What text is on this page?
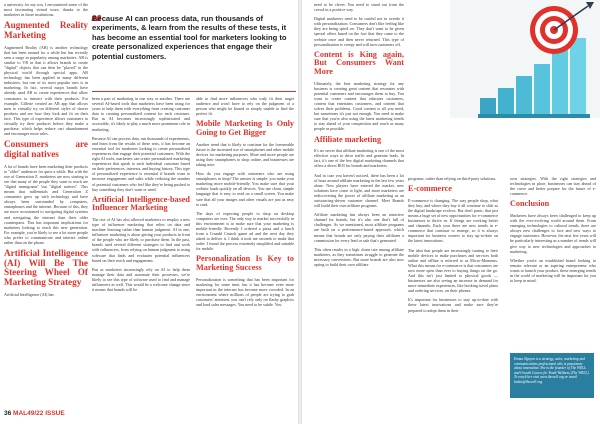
a university for my son, I encountered some of the most fascinating virtual tours, thanks to the marketers in those institutions.

Augmented Reality Marketing

Augmented Reality (AR) is another technology that has been around for a while but has recently seen a surge in popularity among marketers. AR is similar to VR in that it allows brands to create "digital" objects that can then be "placed" in the physical world through special apps. AR technology has been applied in many different industries, but one of its most popular uses is in marketing. In fact, several major brands have already used AR to create experiences that allow consumers to interact with their products. For example, Gillette created an AR app that allows men to virtually try on different styles of shaver products and see how they look and fit on their face. This type of experience allows customers to virtually try their products before they make a purchase, which helps reduce cart abandonment and encourages more sales.

Consumers are digital natives

A lot of brands have been marketing their products to "older" audiences for quite a while. But with the rise of Generation Z, marketers are now starting to see that many of the people they want to reach are "digital immigrants" but "digital natives". This means that millennials and Generation Z consumers grew up with technology and have always been surrounded by computers, smartphones and the internet. Because of this, they are more accustomed to navigating digital systems and navigating the internet than their older counterparts. This has important implications for marketers looking to reach this new generation. For example, you're likely to see a lot more people who prefer to communicate and interact online rather than on the phone.

Artificial Intelligence (AI) Will Be The Steering Wheel Of Marketing Strategy

Artificial Intelligence (AI) has

Because AI can process data, run thousands of experiments, & learn from the results of these tests, it has become an essential tool for marketers looking to create personalized experiences that engage their potential customers.

been a part of marketing in one way or another. There are several AI-based tools that marketers have been using for years to help them with everything from creating customer data to creating personalized content for each customer. But as AI becomes increasingly sophisticated and accessible, it's likely to play a much more prominent role in marketing.

Because AI can process data, run thousands of experiments, and learn from the results of these tests, it has become an essential tool for marketers looking to create personalized experiences that engage their potential customers. With the right AI tools, marketers can create personalized marketing experiences that speak to each individual customer based on their preferences, interests, and buying history. This type of personalized experience is essential if brands want to increase engagement and sales while reducing the number of potential customers who feel like they're being pushed to buy something they don't want or need.

Artificial Intelligence-based Influencer Marketing

The rise of AI has also allowed marketers to employ a new type of influencer marketing that relies on data and machine learning rather than human judgment. AI in one, influencer marketing is about getting your products in front of the people who are likely to purchase them. In the past, brands used several different strategies to find and work with influencers, from relying on human judgment to using software that finds and evaluates potential influencers based on their reach and engagement.

But as marketers increasingly rely on AI to help them manage their data and automate their processes, we're likely to see this type of software used to find and manage influencers as well. This would be a welcome change since it means that brands will be

able to find more influencers who truly fit their target audience and won't have to rely on the judgment of a person who might be biased or simply unable to find the perfect fit.

Mobile Marketing Is Only Going to Get Bigger

Another trend that is likely to continue for the foreseeable future is the increased use of smartphones and other mobile devices for marketing purposes. More and more people are using their smartphones to shop online, and businesses are taking note.

How do you engage with customers who are using smartphones to shop? The answer is simple: you make your marketing more mobile-friendly. You make sure that your website loads quickly on all devices. You use clean, simple language that is easy to read on a small screen. You make sure that all your images and other visuals are just as easy to read.

The days of expecting people to shop on desktop computers are over. The only way to market successfully in this environment is to make sure that your marketing is mobile-friendly. Recently I ordered a pizza and a lunch from a Crumbl Crunch game ad and the next day they asked to deliver it. I think it took me seconds to make that order. I found the process extremely simplified and suitable for mobile.

Personalization Is Key to Marketing Success

Personalization is something that has been important for marketing for some time, but it has become even more important in the internet has become more crowded. In an environment where millions of people are trying to grab customers' attention, you can't rely only on flashy graphics and loud sales messages. You need to be subtle. You

36 MAL49/22 ISSUE

need to be clever. You need to stand out from the crowd in a positive way.

Digital marketers need to be careful not to overdo it with personalization. Consumers don't like feeling like they are being spied on. They don't want to be given special offers based on the fact that they came to the website once and then never returned. This type of personalization is creepy and will turn customers off.

Content is King again, But Consumers Want More

Ultimately, the best marketing strategy for any business is creating great content that resonates with potential customers and encourages them to buy. You want to create content that educates customers, content that entertains customers, and content that solves their problems. Good content is all you need, but sometimes it's just not enough. You need to make sure that you're also using the latest marketing trends to stay ahead of your competition and reach as many people as possible.

Affiliate marketing

It's no secret that affiliate marketing is one of the most effective ways to drive traffic and generate leads. In fact, it's one of the few digital marketing channels that offers a direct ROI for brands and marketers.

And in case you haven't noticed, there has been a lot of buzz around affiliate marketing in the last few years alone. New players have entered the market, new solutions have come to light, and more marketers are rediscovering the power of affiliate marketing as an outsourcing-driven customer channel. Meet Brands will build their own affiliate programs.

Affiliate marketing has always been an attractive channel for brands, but it's also one that's full of challenges. As we mentioned, most affiliate programs are built on a performance-based approach, which means that brands are only paying their affiliates a commission for every lead or sale that's generated.

This often results in a high churn rate among affiliate marketers, as they sometimes struggle to generate the necessary conversions. But more brands are also now opting to build their own affiliate

programs, rather than relying on third-party solutions.

E-commerce

E-commerce is changing. The way people shop, what they buy, and where they buy it all continue to shift as the digital landscape evolves. But don't panic, that just means a huge set of new opportunities for e-commerce businesses to thrive in. If things are working better and channels. Each year there are new trends in e-commerce that continue to emerge, so it is always important for business owners to stay up-to-date on the latest innovations.

The idea that people are increasingly turning to their mobile devices to make purchases and services both online and offline is referred to as Micro-Moments. What this means for e-commerce is that consumers are now more open than ever to buying things on the go. And this isn't just limited to physical goods — businesses are also seeing an increase in demand for more immediate experiences, like booking travel plans and ordering services, on their phones.

It's important for businesses to stay up-to-date with these latest innovations and make sure they're prepared to adopt them in their

own strategies. With the right strategies and technologies in place, businesses can stay ahead of the curve and better prepare for the future of e-commerce.

Conclusion

Marketers have always been challenged to keep up with the ever-evolving world around them. From emerging technologies to cultural trends, there are always new challenges to face and new ways to engage customers. However, the next few years will be particularly interesting as a number of trends will give way to new technologies and approaches to marketing.

Whether you're an established brand looking to remain relevant or an aspiring entrepreneur who wants to launch your product, these emerging trends in the world of marketing will be important for you to keep in mind.

Emma Nguyen is a strategy, sales, marketing and communications professional who is passionate about innovation. She is the founder of The WELL and Growth Course for Youth Wellness (The WELL). To reach her visit www.thewell.org or email ladies@thewell.org.
